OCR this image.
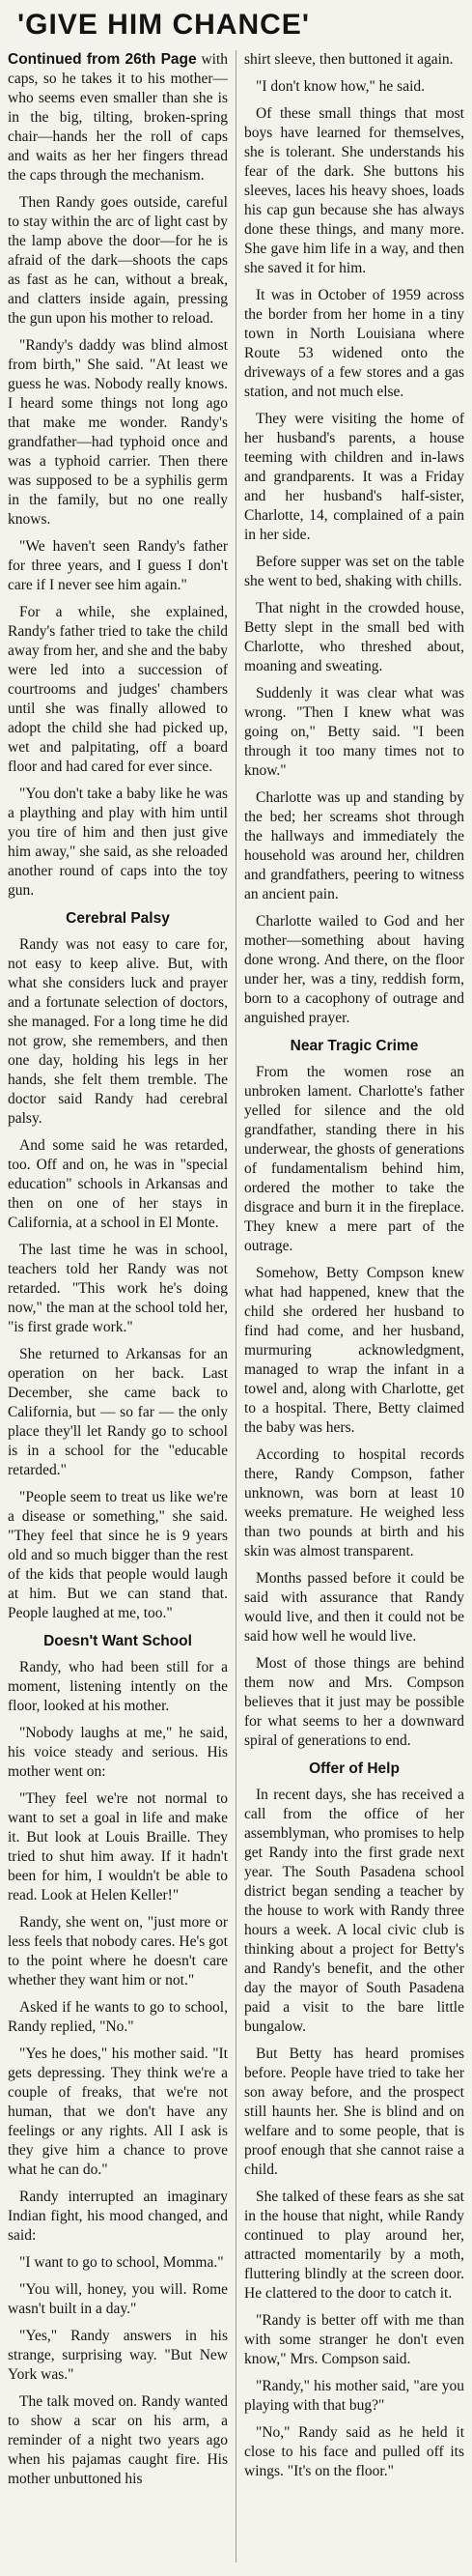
'GIVE HIM CHANCE'

Continued from 26th Page with caps, so he takes it to his mother—who seems even smaller than she is in the big, tilting, broken-spring chair—hands her the roll of caps and waits as her her fingers thread the caps through the mechanism.

Then Randy goes outside, careful to stay within the arc of light cast by the lamp above the door—for he is afraid of the dark—shoots the caps as fast as he can, without a break, and clatters inside again, pressing the gun upon his mother to reload.

"Randy's daddy was blind almost from birth," She said. "At least we guess he was. Nobody really knows. I heard some things not long ago that make me wonder. Randy's grandfather—had typhoid once and was a typhoid carrier. Then there was supposed to be a syphilis germ in the family, but no one really knows.

"We haven't seen Randy's father for three years, and I guess I don't care if I never see him again."

For a while, she explained, Randy's father tried to take the child away from her, and she and the baby were led into a succession of courtrooms and judges' chambers until she was finally allowed to adopt the child she had picked up, wet and palpitating, off a board floor and had cared for ever since.

"You don't take a baby like he was a plaything and play with him until you tire of him and then just give him away," she said, as she reloaded another round of caps into the toy gun.

Cerebral Palsy

Randy was not easy to care for, not easy to keep alive. But, with what she considers luck and prayer and a fortunate selection of doctors, she managed. For a long time he did not grow, she remembers, and then one day, holding his legs in her hands, she felt them tremble. The doctor said Randy had cerebral palsy.

And some said he was retarded, too. Off and on, he was in "special education" schools in Arkansas and then on one of her stays in California, at a school in El Monte.

The last time he was in school, teachers told her Randy was not retarded. "This work he's doing now," the man at the school told her, "is first grade work."

She returned to Arkansas for an operation on her back. Last December, she came back to California, but — so far — the only place they'll let Randy go to school is in a school for the "educable retarded."

"People seem to treat us like we're a disease or something," she said. "They feel that since he is 9 years old and so much bigger than the rest of the kids that people would laugh at him. But we can stand that. People laughed at me, too."

Doesn't Want School

Randy, who had been still for a moment, listening intently on the floor, looked at his mother.

"Nobody laughs at me," he said, his voice steady and serious. His mother went on:

"They feel we're not normal to want to set a goal in life and make it. But look at Louis Braille. They tried to shut him away. If it hadn't been for him, I wouldn't be able to read. Look at Helen Keller!"

Randy, she went on, "just more or less feels that nobody cares. He's got to the point where he doesn't care whether they want him or not."

Asked if he wants to go to school, Randy replied, "No."

"Yes he does," his mother said. "It gets depressing. They think we're a couple of freaks, that we're not human, that we don't have any feelings or any rights. All I ask is they give him a chance to prove what he can do."

Randy interrupted an imaginary Indian fight, his mood changed, and said:

"I want to go to school, Momma."

"You will, honey, you will. Rome wasn't built in a day."

"Yes," Randy answers in his strange, surprising way. "But New York was."

The talk moved on. Randy wanted to show a scar on his arm, a reminder of a night two years ago when his pajamas caught fire. His mother unbuttoned his

shirt sleeve, then buttoned it again.

"I don't know how," he said.

Of these small things that most boys have learned for themselves, she is tolerant. She understands his fear of the dark. She buttons his sleeves, laces his heavy shoes, loads his cap gun because she has always done these things, and many more. She gave him life in a way, and then she saved it for him.

It was in October of 1959 across the border from her home in a tiny town in North Louisiana where Route 53 widened onto the driveways of a few stores and a gas station, and not much else.

They were visiting the home of her husband's parents, a house teeming with children and in-laws and grandparents. It was a Friday and her husband's half-sister, Charlotte, 14, complained of a pain in her side.

Before supper was set on the table she went to bed, shaking with chills.

That night in the crowded house, Betty slept in the small bed with Charlotte, who threshed about, moaning and sweating.

Suddenly it was clear what was wrong. "Then I knew what was going on," Betty said. "I been through it too many times not to know."

Charlotte was up and standing by the bed; her screams shot through the hallways and immediately the household was around her, children and grandfathers, peering to witness an ancient pain.

Charlotte wailed to God and her mother—something about having done wrong. And there, on the floor under her, was a tiny, reddish form, born to a cacophony of outrage and anguished prayer.

Near Tragic Crime

From the women rose an unbroken lament. Charlotte's father yelled for silence and the old grandfather, standing there in his underwear, the ghosts of generations of fundamentalism behind him, ordered the mother to take the disgrace and burn it in the fireplace. They knew a mere part of the outrage.

Somehow, Betty Compson knew what had happened, knew that the child she ordered her husband to find had come, and her husband, murmuring acknowledgment, managed to wrap the infant in a towel and, along with Charlotte, get to a hospital. There, Betty claimed the baby was hers.

According to hospital records there, Randy Compson, father unknown, was born at least 10 weeks premature. He weighed less than two pounds at birth and his skin was almost transparent.

Months passed before it could be said with assurance that Randy would live, and then it could not be said how well he would live.

Most of those things are behind them now and Mrs. Compson believes that it just may be possible for what seems to her a downward spiral of generations to end.

Offer of Help

In recent days, she has received a call from the office of her assemblyman, who promises to help get Randy into the first grade next year. The South Pasadena school district began sending a teacher by the house to work with Randy three hours a week. A local civic club is thinking about a project for Betty's and Randy's benefit, and the other day the mayor of South Pasadena paid a visit to the bare little bungalow.

But Betty has heard promises before. People have tried to take her son away before, and the prospect still haunts her. She is blind and on welfare and to some people, that is proof enough that she cannot raise a child.

She talked of these fears as she sat in the house that night, while Randy continued to play around her, attracted momentarily by a moth, fluttering blindly at the screen door. He clattered to the door to catch it.

"Randy is better off with me than with some stranger he don't even know," Mrs. Compson said.

"Randy," his mother said, "are you playing with that bug?"

"No," Randy said as he held it close to his face and pulled off its wings. "It's on the floor."
